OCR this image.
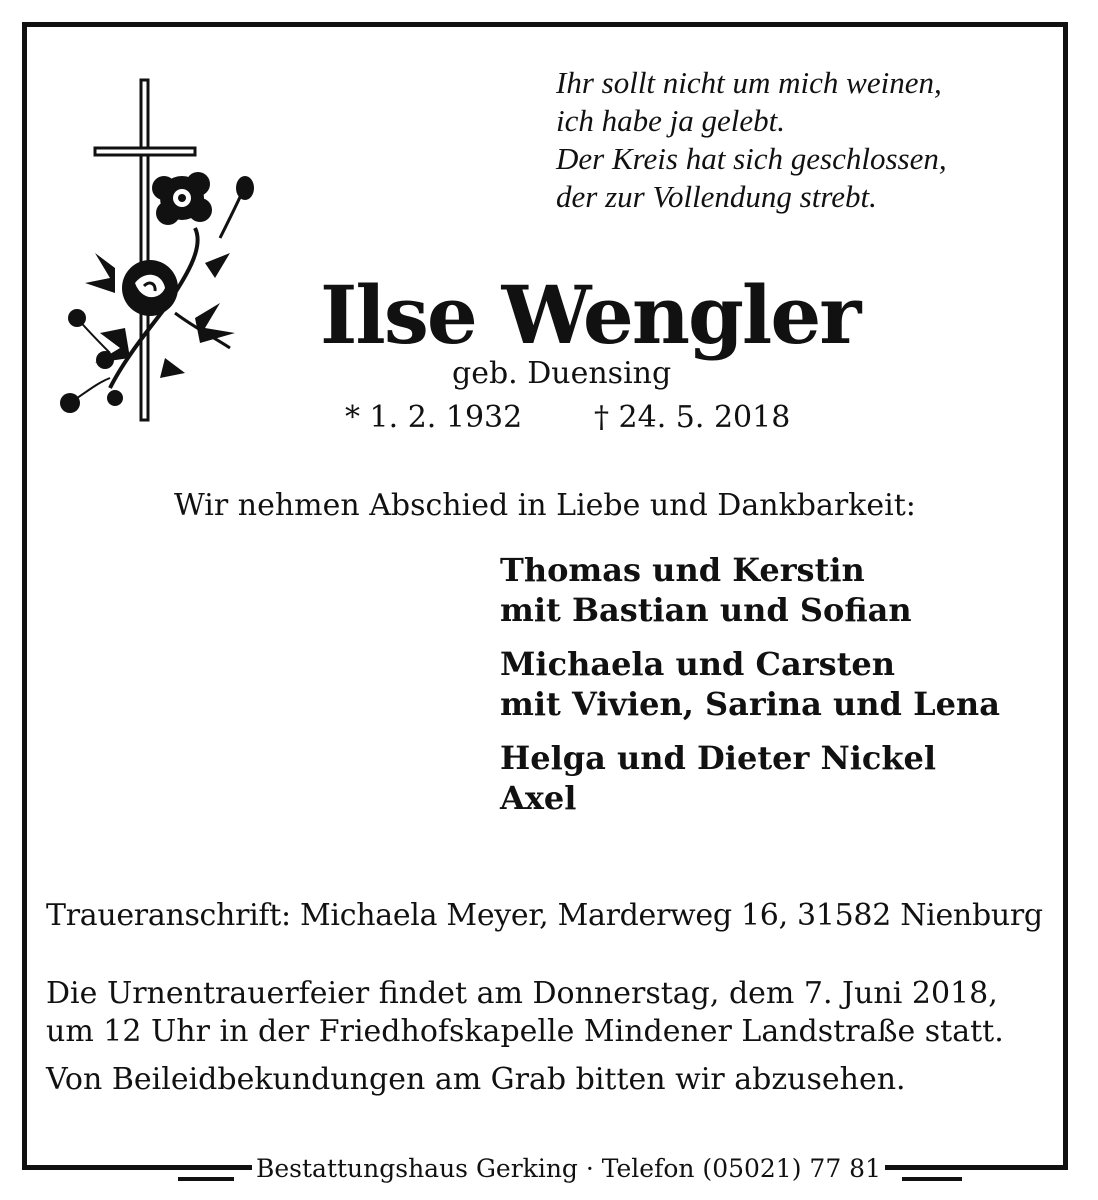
Ihr sollt nicht um mich weinen,
ich habe ja gelebt.
Der Kreis hat sich geschlossen,
der zur Vollendung strebt.
Ilse Wengler
geb. Duensing
* 1. 2. 1932 † 24. 5. 2018
Wir nehmen Abschied in Liebe und Dankbarkeit:
Thomas und Kerstin
mit Bastian und Sofian
Michaela und Carsten
mit Vivien, Sarina und Lena
Helga und Dieter Nickel
Axel
Traueranschrift: Michaela Meyer, Marderweg 16, 31582 Nienburg
Die Urnentrauerfeier findet am Donnerstag, dem 7. Juni 2018,
um 12 Uhr in der Friedhofskapelle Mindener Landstraße statt.
Von Beileidbekundungen am Grab bitten wir abzusehen.
Bestattungshaus Gerking · Telefon (05021) 77 81
